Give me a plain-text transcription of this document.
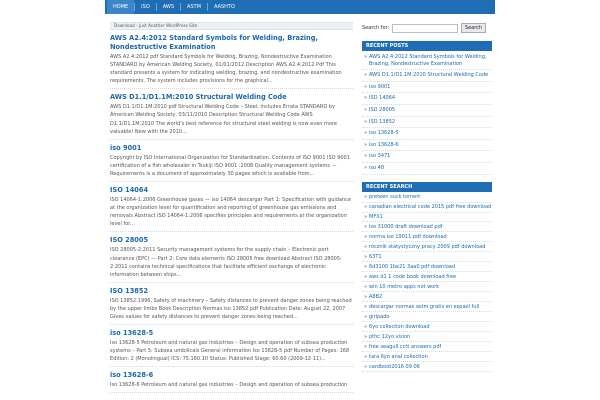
HOME	ISO	AWS	ASTM	AASHTO
Download - Just Another WordPress Site
AWS A2.4:2012 Standard Symbols for Welding, Brazing, Nondestructive Examination
AWS A2.4:2012 pdf Standard Symbols for Welding, Brazing, Nondestructive Examination STANDARD by American Welding Society, 01/01/2012 Description AWS A2.4:2012 Pdf This standard presents a system for indicating welding, brazing, and nondestructive examination requirements. The system includes provisions for the graphical...
AWS D1.1/D1.1M:2010 Structural Welding Code
AWS D1.1/D1.1M:2010 pdf Structural Welding Code – Steel, Includes Errata STANDARD by American Welding Society, 03/11/2010 Description Structural Welding Code AWS D1.1/D1.1M:2010 The world's best reference for structural steel welding is now even more valuable! New with the 2010...
iso 9001
Copyright by ISO International Organization for Standardization. Contents of ISO 9001 ISO 9001 certification of a fish wholesaler in Tsukiji ISO 9001 :2008 Quality management systems — Requirements is a document of approximately 30 pages which is available from...
ISO 14064
ISO 14064-1:2006 Greenhouse gases — iso 14064 descargar Part 1: Specification with guidance at the organization level for quantification and reporting of greenhouse gas emissions and removals Abstract ISO 14064-1:2006 specifies principles and requirements at the organization level for...
ISO 28005
ISO 28005-2:2011 Security management systems for the supply chain – Electronic port clearance (EPC) — Part 2: Core data elements ISO 28005 free download Abstract ISO 28005-2:2011 contains technical specifications that facilitate efficient exchange of electronic information between ships...
ISO 13852
ISO 13852:1996, Safety of machinery – Safety distances to prevent danger zones being reached by the upper limbs Book Description Normas iso 13852 pdf Publication Date: August 22, 2007 Gives values for safety distances to prevent danger zones being reached...
iso 13628-5
Iso 13628-5 Petroleum and natural gas industries – Design and operation of subsea production systems – Part 5: Subsea umbilicals General information Iso 13628-5 pdf Number of Pages: 168 Edition: 2 (Monolingual) ICS: 75.180.10 Status: Published Stage: 60.60 (2009-12-11)...
iso 13628-6
Iso 13628-6 Petroleum and natural gas industries – Design and operation of subsea production
Search for:	Search
RECENT POSTS
» AWS A2.4:2012 Standard Symbols for Welding, Brazing, Nondestructive Examination
» AWS D1.1/D1.1M:2010 Structural Welding Code
» iso 9001
» ISO 14064
» ISO 28005
» ISO 13852
» iso 13628-5
» iso 13628-6
» iso 3471
» iso 48
RECENT SEARCH
» preteen suck torrent
» canadian electrical code 2015 pdf free download
» MFX1
» iso 31000 draft download pdf
» norma iso 19011 pdf download
» rocznik statystyczny pracy 2009 pdf download
» 63T1
» 6d3100 1be21 3aa0 pdf download
» aws d1 1 code book download free
» win 10 metro apps not work
» A8B2
» descargar normas astm gratis en espaol full
» girlpado
» 6yo collection download
» pthc 12yo vision
» free seagull cctt answers pdf
» tara 6yo anal collection
» cardboot2016 09 06
